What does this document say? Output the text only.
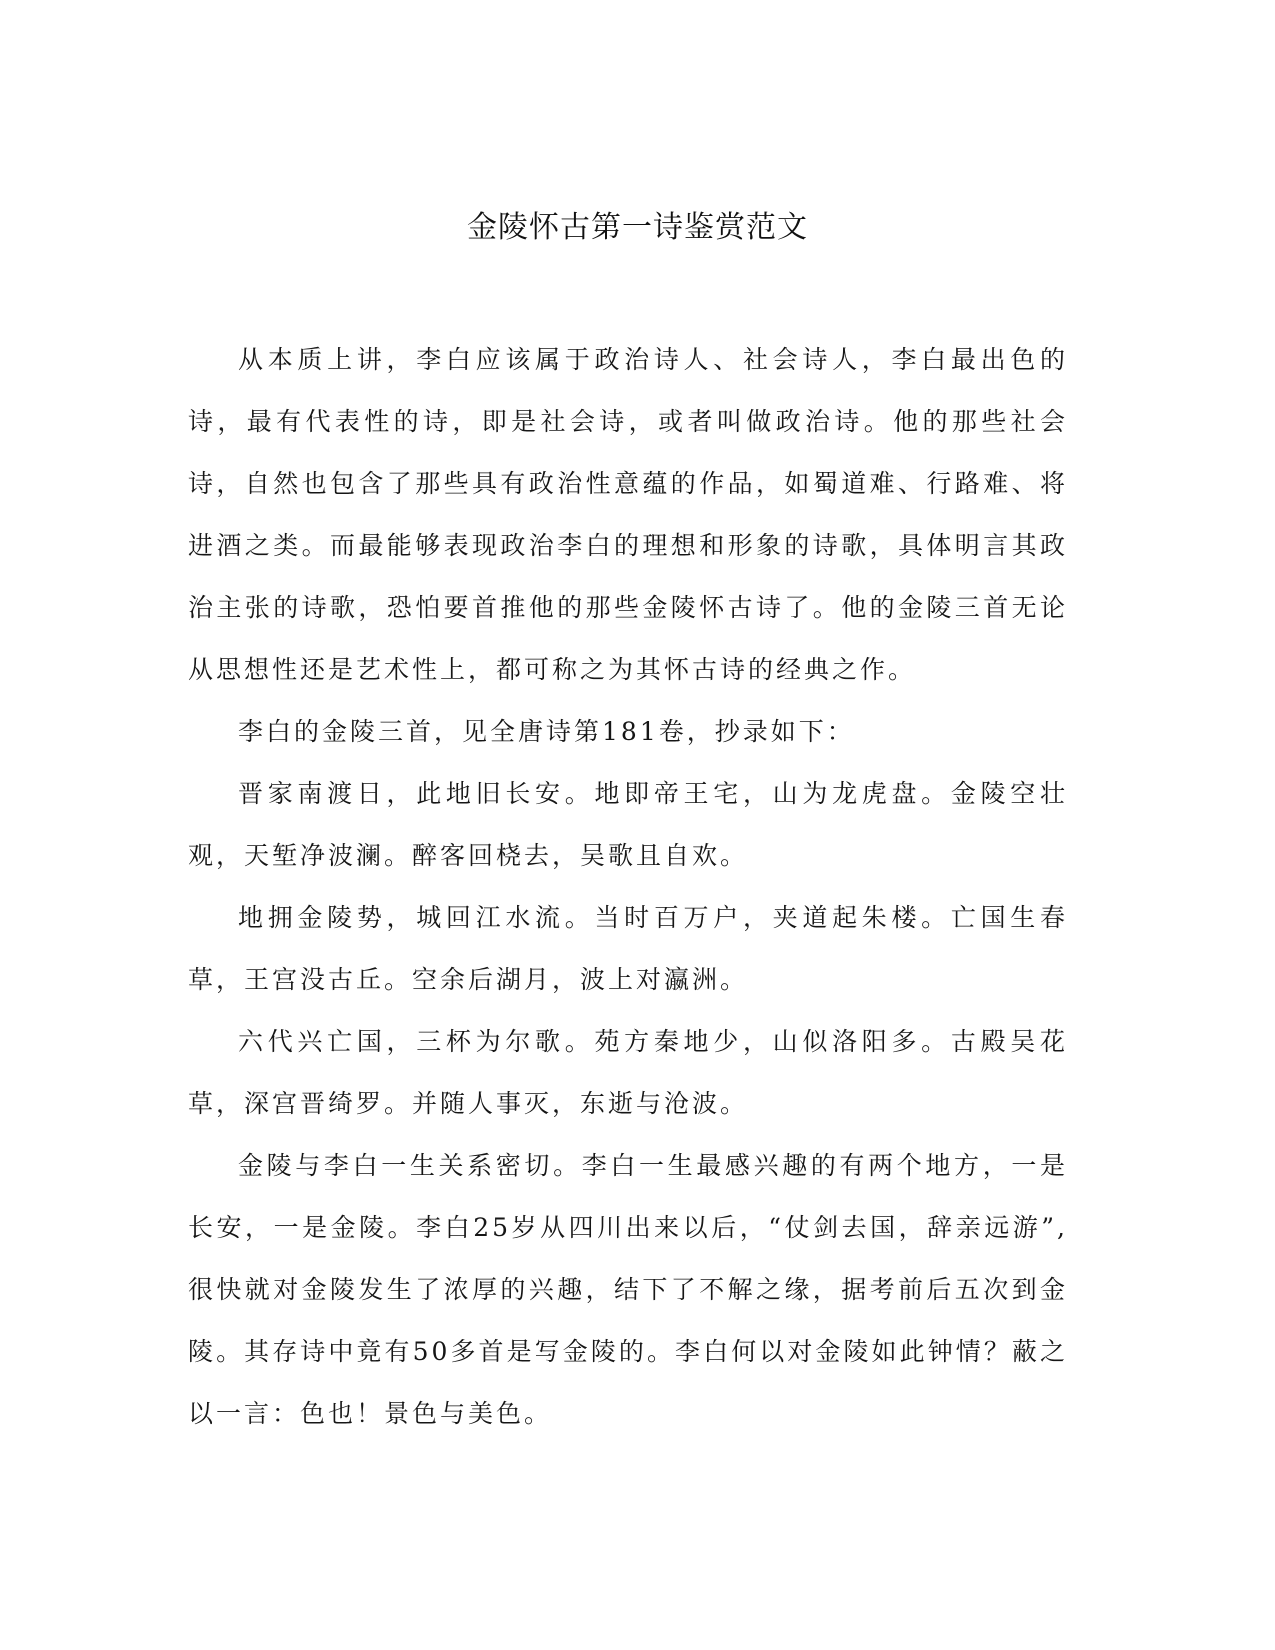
金陵怀古第一诗鉴赏范文

从本质上讲，李白应该属于政治诗人、社会诗人，李白最出色的诗，最有代表性的诗，即是社会诗，或者叫做政治诗。他的那些社会诗，自然也包含了那些具有政治性意蕴的作品，如蜀道难、行路难、将进酒之类。而最能够表现政治李白的理想和形象的诗歌，具体明言其政治主张的诗歌，恐怕要首推他的那些金陵怀古诗了。他的金陵三首无论从思想性还是艺术性上，都可称之为其怀古诗的经典之作。

李白的金陵三首，见全唐诗第181卷，抄录如下：

晋家南渡日，此地旧长安。地即帝王宅，山为龙虎盘。金陵空壮观，天堑净波澜。醉客回桡去，吴歌且自欢。

地拥金陵势，城回江水流。当时百万户，夹道起朱楼。亡国生春草，王宫没古丘。空余后湖月，波上对瀛洲。

六代兴亡国，三杯为尔歌。苑方秦地少，山似洛阳多。古殿吴花草，深宫晋绮罗。并随人事灭，东逝与沧波。

金陵与李白一生关系密切。李白一生最感兴趣的有两个地方，一是长安，一是金陵。李白25岁从四川出来以后，“仗剑去国，辞亲远游”,很快就对金陵发生了浓厚的兴趣，结下了不解之缘，据考前后五次到金陵。其存诗中竟有50多首是写金陵的。李白何以对金陵如此钟情？蔽之以一言：色也！景色与美色。
